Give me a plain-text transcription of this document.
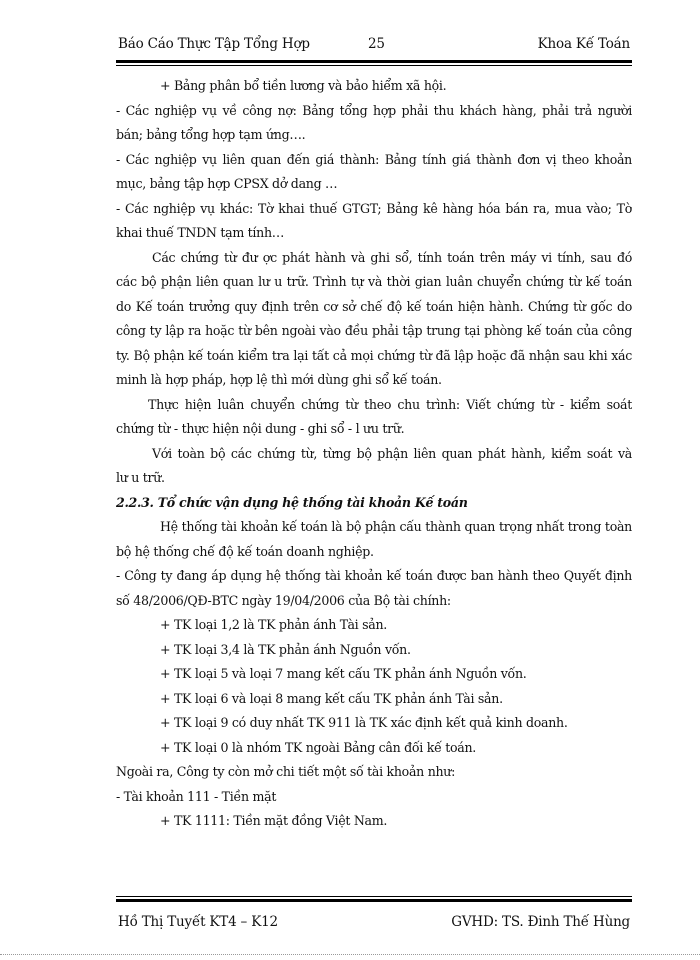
Báo Cáo Thực Tập Tổng Hợp	25	Khoa Kế Toán
+ Bảng phân bổ tiền lương và bảo hiểm xã hội.
- Các nghiệp vụ về công nợ: Bảng tổng hợp phải thu khách hàng, phải trả người
bán; bảng tổng hợp tạm ứng….
- Các nghiệp vụ liên quan đến giá thành: Bảng tính giá thành đơn vị theo khoản
mục, bảng tập hợp CPSX dở dang …
- Các nghiệp vụ khác: Tờ khai thuế GTGT; Bảng kê hàng hóa bán ra, mua vào; Tờ
khai thuế TNDN tạm tính…
Các chứng từ đư ợc phát hành và ghi sổ, tính toán trên máy vi tính, sau đó
các bộ phận liên quan lư u trữ. Trình tự và thời gian luân chuyển chứng từ kế toán
do Kế toán trưởng quy định trên cơ sở chế độ kế toán hiện hành. Chứng từ gốc do
công ty lập ra hoặc từ bên ngoài vào đều phải tập trung tại phòng kế toán của công
ty. Bộ phận kế toán kiểm tra lại tất cả mọi chứng từ đã lập hoặc đã nhận sau khi xác
minh là hợp pháp, hợp lệ thì mới dùng ghi sổ kế toán.
Thực hiện luân chuyển chứng từ theo chu trình: Viết chứng từ - kiểm soát
chứng từ - thực hiện nội dung - ghi sổ - l ưu trữ.
Với toàn bộ các chứng từ, từng bộ phận liên quan phát hành, kiểm soát và
lư u trữ.
2.2.3. Tổ chức vận dụng hệ thống tài khoản Kế toán
Hệ thống tài khoản kế toán là bộ phận cấu thành quan trọng nhất trong toàn
bộ hệ thống chế độ kế toán doanh nghiệp.
- Công ty đang áp dụng hệ thống tài khoản kế toán được ban hành theo Quyết định
số 48/2006/QĐ-BTC ngày 19/04/2006 của Bộ tài chính:
+ TK loại 1,2 là TK phản ánh Tài sản.
+ TK loại 3,4 là TK phản ánh Nguồn vốn.
+ TK loại 5 và loại 7 mang kết cấu TK phản ánh Nguồn vốn.
+ TK loại 6 và loại 8 mang kết cấu TK phản ánh Tài sản.
+ TK loại 9 có duy nhất TK 911 là TK xác định kết quả kinh doanh.
+ TK loại 0 là nhóm TK ngoài Bảng cân đối kế toán.
Ngoài ra, Công ty còn mở chi tiết một số tài khoản như:
- Tài khoản 111 - Tiền mặt
+ TK 1111: Tiền mặt đồng Việt Nam.
Hồ Thị Tuyết KT4 – K12	GVHD: TS. Đinh Thế Hùng
